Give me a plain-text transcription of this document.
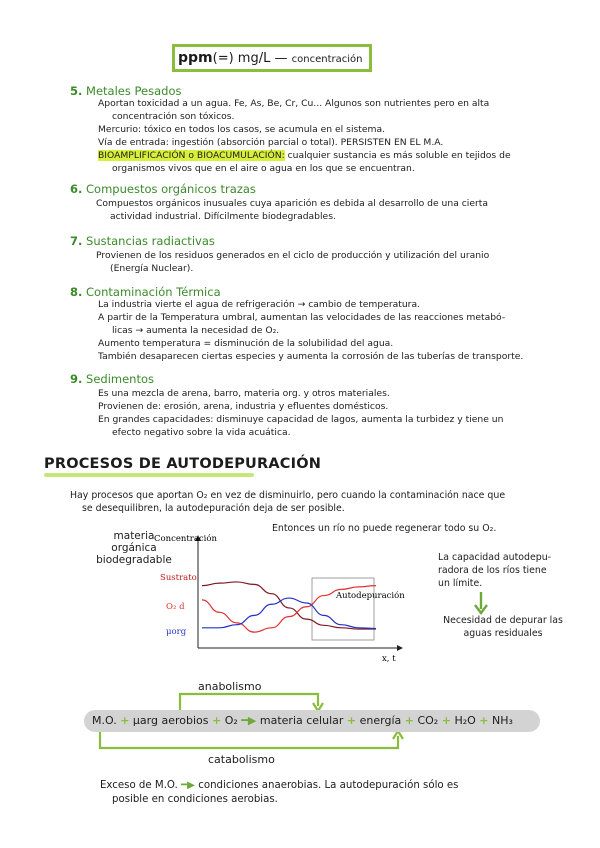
ppm(=) mg/L — concentración
5. Metales Pesados
Aportan toxicidad a un agua. Fe, As, Be, Cr, Cu... Algunos son nutrientes pero en alta
concentración son tóxicos.
Mercurio: tóxico en todos los casos, se acumula en el sistema.
Vía de entrada: ingestión (absorción parcial o total). PERSISTEN EN EL M.A.
BIOAMPLIFICACIÓN o BIOACUMULACIÓN: cualquier sustancia es más soluble en tejidos de
organismos vivos que en el aire o agua en los que se encuentran.
6. Compuestos orgánicos trazas
Compuestos orgánicos inusuales cuya aparición es debida al desarrollo de una cierta
actividad industrial. Difícilmente biodegradables.
7. Sustancias radiactivas
Provienen de los residuos generados en el ciclo de producción y utilización del uranio
(Energía Nuclear).
8. Contaminación Térmica
La industria vierte el agua de refrigeración → cambio de temperatura.
A partir de la Temperatura umbral, aumentan las velocidades de las reacciones metabó-
licas → aumenta la necesidad de O₂.
Aumento temperatura = disminución de la solubilidad del agua.
También desaparecen ciertas especies y aumenta la corrosión de las tuberías de transporte.
9. Sedimentos
Es una mezcla de arena, barro, materia org. y otros materiales.
Provienen de: erosión, arena, industria y efluentes domésticos.
En grandes capacidades: disminuye capacidad de lagos, aumenta la turbidez y tiene un
efecto negativo sobre la vida acuática.
PROCESOS DE AUTODEPURACIÓN
Hay procesos que aportan O₂ en vez de disminuirlo, pero cuando la contaminación nace que
se desequilibren, la autodepuración deja de ser posible.
materia
orgánica
biodegradable
Concentración
x, t
Autodepuración
Sustrato
O₂ d
μorg
Entonces un río no puede regenerar todo su O₂.
La capacidad autodepu-
radora de los ríos tiene
un límite.
Necesidad de depurar las
aguas residuales
anabolismo
M.O. + μarg aerobios + O₂ ━▶ materia celular + energía + CO₂ + H₂O + NH₃
catabolismo
Exceso de M.O. ━▶ condiciones anaerobias. La autodepuración sólo es
posible en condiciones aerobias.
